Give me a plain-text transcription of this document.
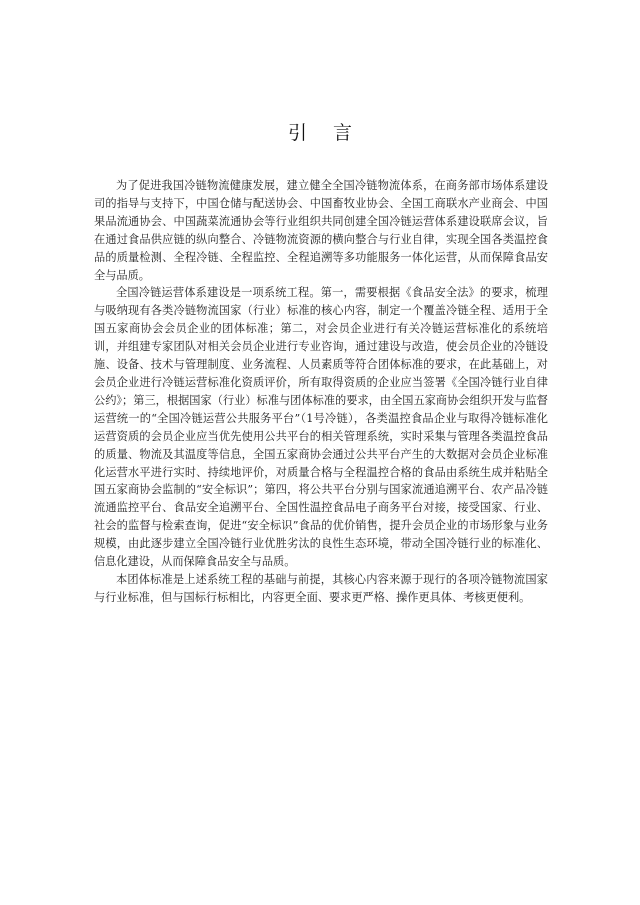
引言

为了促进我国冷链物流健康发展，建立健全全国冷链物流体系，在商务部市场体系建设司的指导与支持下，中国仓储与配送协会、中国畜牧业协会、全国工商联水产业商会、中国果品流通协会、中国蔬菜流通协会等行业组织共同创建全国冷链运营体系建设联席会议，旨在通过食品供应链的纵向整合、冷链物流资源的横向整合与行业自律，实现全国各类温控食品的质量检测、全程冷链、全程监控、全程追溯等多功能服务一体化运营，从而保障食品安全与品质。

全国冷链运营体系建设是一项系统工程。第一，需要根据《食品安全法》的要求，梳理与吸纳现有各类冷链物流国家（行业）标准的核心内容，制定一个覆盖冷链全程、适用于全国五家商协会会员企业的团体标准；第二，对会员企业进行有关冷链运营标准化的系统培训，并组建专家团队对相关会员企业进行专业咨询，通过建设与改造，使会员企业的冷链设施、设备、技术与管理制度、业务流程、人员素质等符合团体标准的要求，在此基础上，对会员企业进行冷链运营标准化资质评价，所有取得资质的企业应当签署《全国冷链行业自律公约》；第三，根据国家（行业）标准与团体标准的要求，由全国五家商协会组织开发与监督运营统一的“全国冷链运营公共服务平台”（1号冷链），各类温控食品企业与取得冷链标准化运营资质的会员企业应当优先使用公共平台的相关管理系统，实时采集与管理各类温控食品的质量、物流及其温度等信息，全国五家商协会通过公共平台产生的大数据对会员企业标准化运营水平进行实时、持续地评价，对质量合格与全程温控合格的食品由系统生成并粘贴全国五家商协会监制的“安全标识”；第四，将公共平台分别与国家流通追溯平台、农产品冷链流通监控平台、食品安全追溯平台、全国性温控食品电子商务平台对接，接受国家、行业、社会的监督与检索查询，促进“安全标识”食品的优价销售，提升会员企业的市场形象与业务规模，由此逐步建立全国冷链行业优胜劣汰的良性生态环境，带动全国冷链行业的标准化、信息化建设，从而保障食品安全与品质。

本团体标准是上述系统工程的基础与前提，其核心内容来源于现行的各项冷链物流国家与行业标准，但与国标行标相比，内容更全面、要求更严格、操作更具体、考核更便利。
